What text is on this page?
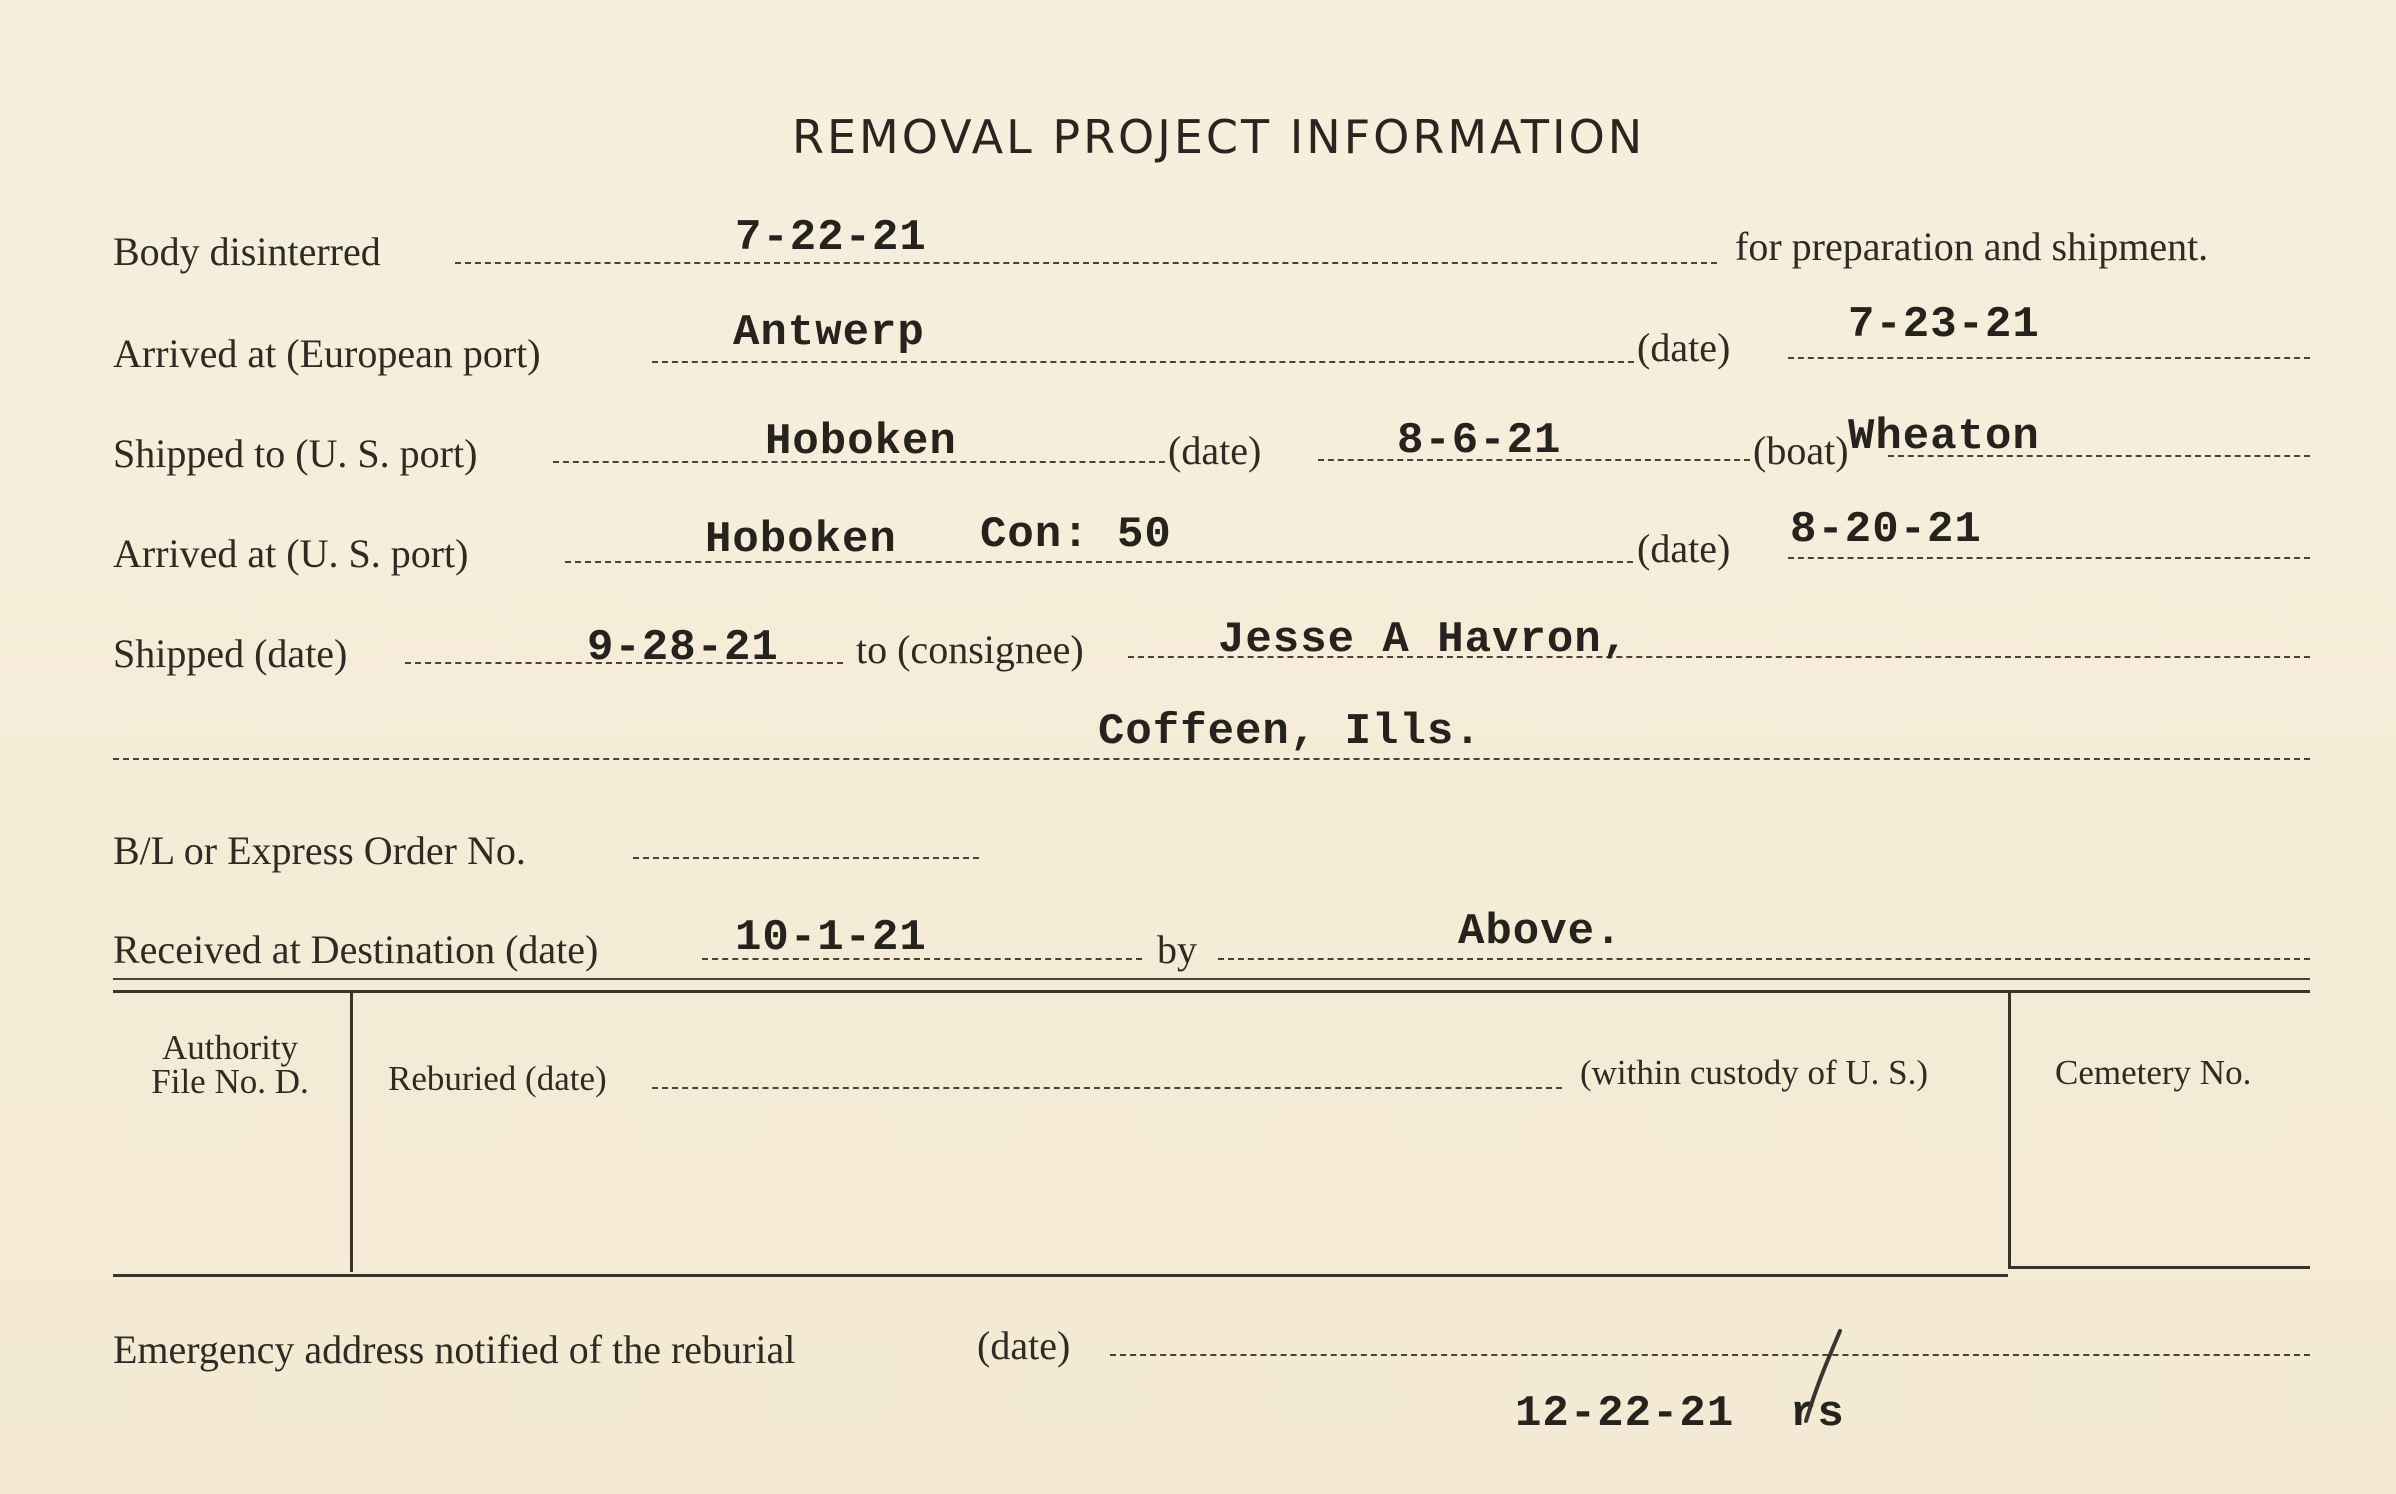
REMOVAL PROJECT INFORMATION
Body disinterred	7-22-21	for preparation and shipment.
Arrived at (European port)	Antwerp	(date)	7-23-21
Shipped to (U. S. port)	Hoboken	(date)	8-6-21	(boat) Wheaton
Arrived at (U. S. port)	Hoboken Con: 50	(date) 8-20-21
Shipped (date)	9-28-21 to (consignee)	Jesse A Havron,
Coffeen, Ills.
B/L or Express Order No.
Received at Destination (date)	10-1-21	by	Above.
Authority
File No. D.	Reburied (date)	(within custody of U. S.)	Cemetery No.
Emergency address notified of the reburial	(date)
12-22-21 rs
